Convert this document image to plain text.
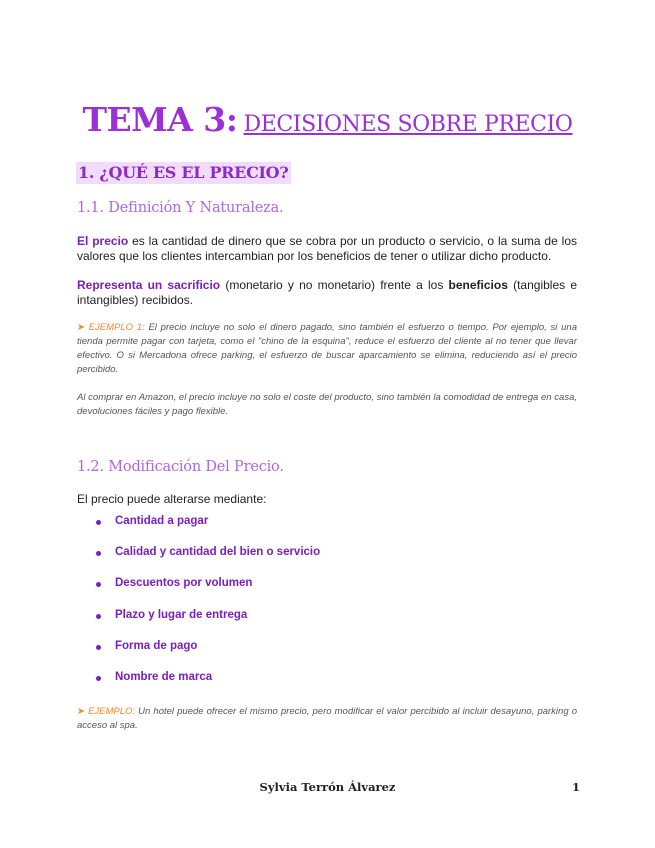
TEMA 3: DECISIONES SOBRE PRECIO
1. ¿QUÉ ES EL PRECIO?
1.1. Definición Y Naturaleza.
El precio es la cantidad de dinero que se cobra por un producto o servicio, o la suma de los valores que los clientes intercambian por los beneficios de tener o utilizar dicho producto.
Representa un sacrificio (monetario y no monetario) frente a los beneficios (tangibles e intangibles) recibidos.
➤ EJEMPLO 1: El precio incluye no solo el dinero pagado, sino también el esfuerzo o tiempo. Por ejemplo, si una tienda permite pagar con tarjeta, como el "chino de la esquina", reduce el esfuerzo del cliente al no tener que llevar efectivo. O si Mercadona ofrece parking, el esfuerzo de buscar aparcamiento se elimina, reduciendo así el precio percibido.
Al comprar en Amazon, el precio incluye no solo el coste del producto, sino también la comodidad de entrega en casa, devoluciones fáciles y pago flexible.
1.2. Modificación Del Precio.
El precio puede alterarse mediante:
Cantidad a pagar
Calidad y cantidad del bien o servicio
Descuentos por volumen
Plazo y lugar de entrega
Forma de pago
Nombre de marca
➤ EJEMPLO: Un hotel puede ofrecer el mismo precio, pero modificar el valor percibido al incluir desayuno, parking o acceso al spa.
Sylvia Terrón Álvarez	1
